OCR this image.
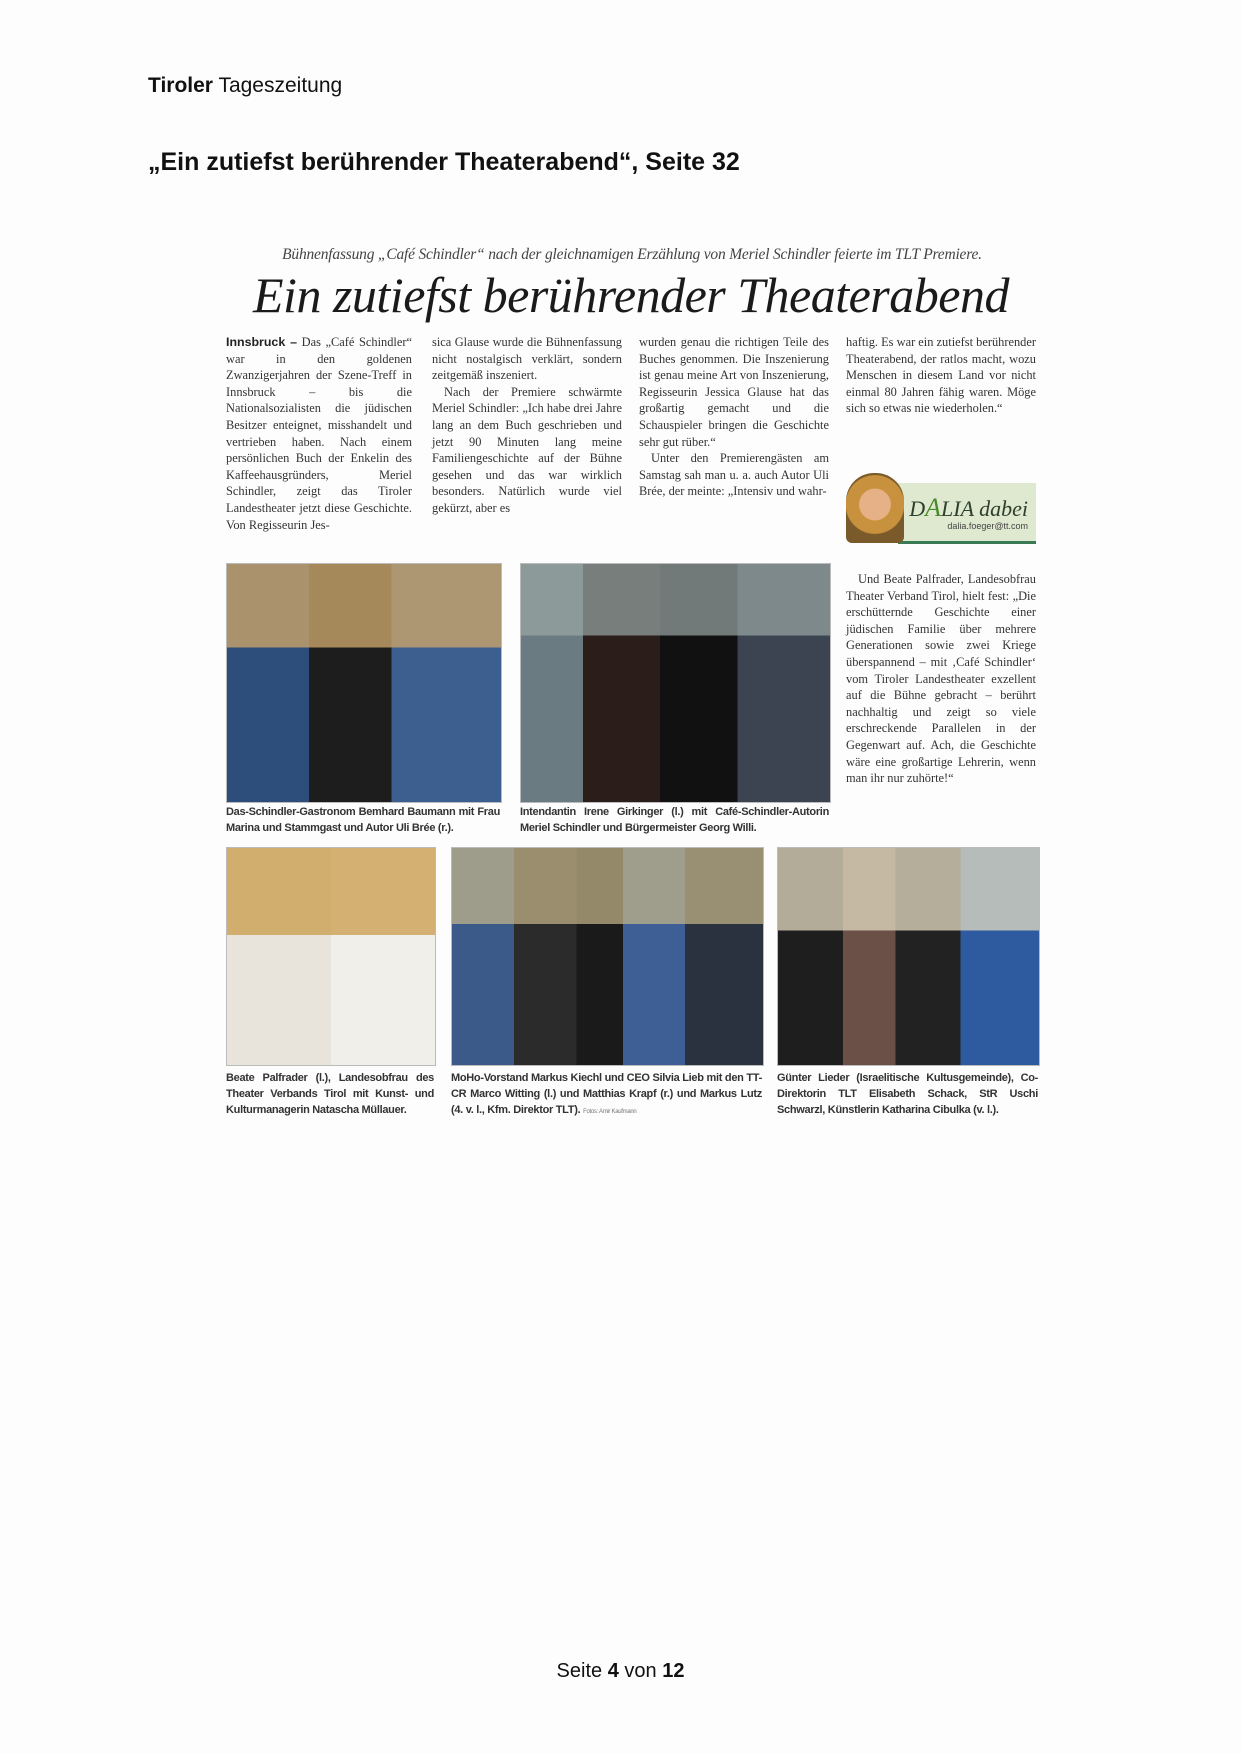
Tiroler Tageszeitung
„Ein zutiefst berührender Theaterabend“, Seite 32
Bühnenfassung „Café Schindler“ nach der gleichnamigen Erzählung von Meriel Schindler feierte im TLT Premiere.
Ein zutiefst berührender Theaterabend

Innsbruck – Das „Café Schindler“ war in den goldenen Zwanzigerjahren der Szene-Treff in Innsbruck – bis die Nationalsozialisten die jüdischen Besitzer enteignet, misshandelt und vertrieben haben. Nach einem persönlichen Buch der Enkelin des Kaffeehausgründers, Meriel Schindler, zeigt das Tiroler Landestheater jetzt diese Geschichte. Von Regisseurin Jes-

sica Glause wurde die Bühnenfassung nicht nostalgisch verklärt, sondern zeitgemäß inszeniert.

Nach der Premiere schwärmte Meriel Schindler: „Ich habe drei Jahre lang an dem Buch geschrieben und jetzt 90 Minuten lang meine Familiengeschichte auf der Bühne gesehen und das war wirklich besonders. Natürlich wurde viel gekürzt, aber es

wurden genau die richtigen Teile des Buches genommen. Die Inszenierung ist genau meine Art von Inszenierung, Regisseurin Jessica Glause hat das großartig gemacht und die Schauspieler bringen die Geschichte sehr gut rüber.“

Unter den Premierengästen am Samstag sah man u. a. auch Autor Uli Brée, der meinte: „Intensiv und wahr-

haftig. Es war ein zutiefst berührender Theaterabend, der ratlos macht, wozu Menschen in diesem Land vor nicht einmal 80 Jahren fähig waren. Möge sich so etwas nie wiederholen.“

DALIA dabei
dalia.foeger@tt.com

Und Beate Palfrader, Landesobfrau Theater Verband Tirol, hielt fest: „Die erschütternde Geschichte einer jüdischen Familie über mehrere Generationen sowie zwei Kriege überspannend – mit ‚Café Schindler‘ vom Tiroler Landestheater exzellent auf die Bühne gebracht – berührt nachhaltig und zeigt so viele erschreckende Parallelen in der Gegenwart auf. Ach, die Geschichte wäre eine großartige Lehrerin, wenn man ihr nur zuhörte!“

Das-Schindler-Gastronom Bemhard Baumann mit Frau Marina und Stammgast und Autor Uli Brée (r.).
Intendantin Irene Girkinger (l.) mit Café-Schindler-Autorin Meriel Schindler und Bürgermeister Georg Willi.
Beate Palfrader (l.), Landesobfrau des Theater Verbands Tirol mit Kunst- und Kulturmanagerin Natascha Müllauer.
MoHo-Vorstand Markus Kiechl und CEO Silvia Lieb mit den TT-CR Marco Witting (l.) und Matthias Krapf (r.) und Markus Lutz (4. v. l., Kfm. Direktor TLT). Fotos: Amir Kaufmann
Günter Lieder (Israelitische Kultusgemeinde), Co-Direktorin TLT Elisabeth Schack, StR Uschi Schwarzl, Künstlerin Katharina Cibulka (v. l.).
Seite 4 von 12
